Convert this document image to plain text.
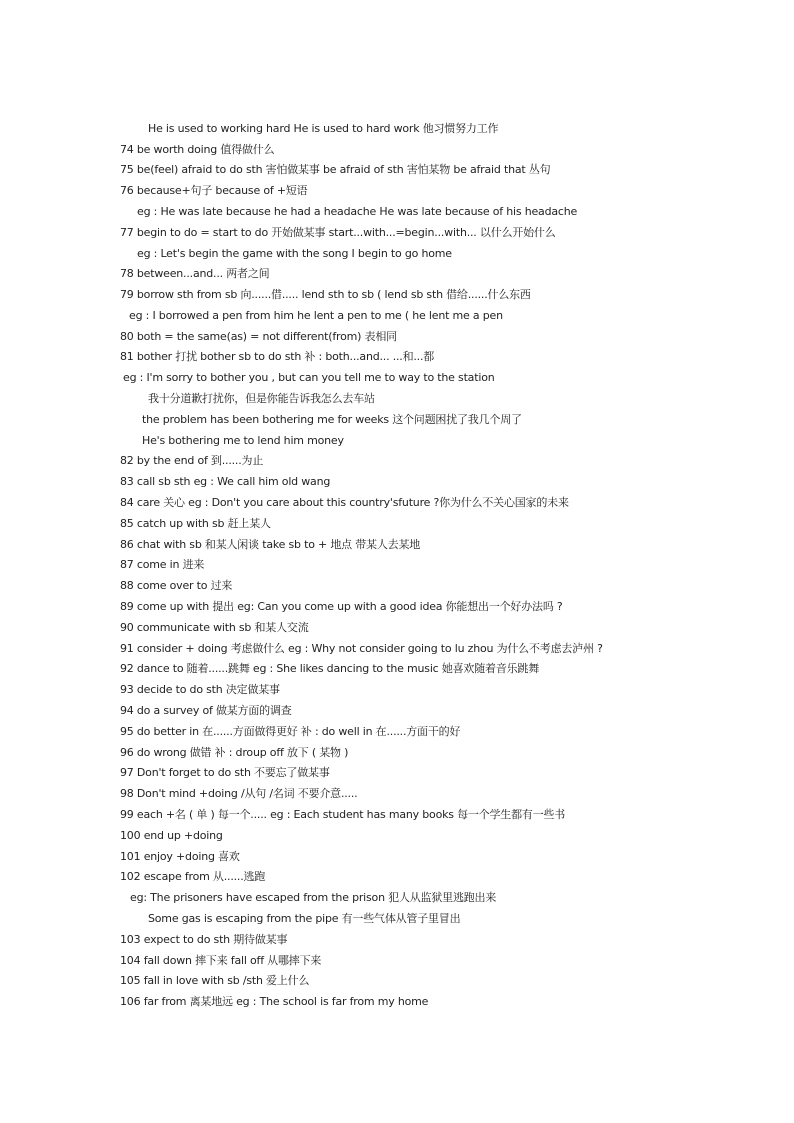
He is used to working hard He is used to hard work 他习惯努力工作
74 be worth doing 值得做什么
75 be(feel) afraid to do sth 害怕做某事 be afraid of sth 害怕某物 be afraid that 丛句
76 because+句子 because of +短语
eg : He was late because he had a headache He was late because of his headache
77 begin to do = start to do 开始做某事 start...with...=begin...with... 以什么开始什么
eg : Let's begin the game with the song I begin to go home
78 between...and... 两者之间
79 borrow sth from sb 向......借..... lend sth to sb ( lend sb sth 借给......什么东西
eg : I borrowed a pen from him he lent a pen to me ( he lent me a pen
80 both = the same(as) = not different(from) 表相同
81 bother 打扰 bother sb to do sth 补 : both...and... ...和...都
eg : I'm sorry to bother you , but can you tell me to way to the station
我十分道歉打扰你，但是你能告诉我怎么去车站
the problem has been bothering me for weeks 这个问题困扰了我几个周了
He's bothering me to lend him money
82 by the end of 到......为止
83 call sb sth eg : We call him old wang
84 care 关心 eg : Don't you care about this country'sfuture ?你为什么不关心国家的未来
85 catch up with sb 赶上某人
86 chat with sb 和某人闲谈 take sb to + 地点 带某人去某地
87 come in 进来
88 come over to 过来
89 come up with 提出 eg: Can you come up with a good idea 你能想出一个好办法吗 ?
90 communicate with sb 和某人交流
91 consider + doing 考虑做什么 eg : Why not consider going to lu zhou 为什么不考虑去泸州 ?
92 dance to 随着......跳舞 eg : She likes dancing to the music 她喜欢随着音乐跳舞
93 decide to do sth 决定做某事
94 do a survey of 做某方面的调查
95 do better in 在......方面做得更好 补 : do well in 在......方面干的好
96 do wrong 做错 补 : droup off 放下 ( 某物 )
97 Don't forget to do sth 不要忘了做某事
98 Don't mind +doing /从句 /名词 不要介意.....
99 each +名 ( 单 ) 每一个..... eg : Each student has many books 每一个学生都有一些书
100 end up +doing
101 enjoy +doing 喜欢
102 escape from 从......逃跑
eg: The prisoners have escaped from the prison 犯人从监狱里逃跑出来
Some gas is escaping from the pipe 有一些气体从管子里冒出
103 expect to do sth 期待做某事
104 fall down 摔下来 fall off 从哪摔下来
105 fall in love with sb /sth 爱上什么
106 far from 离某地远 eg : The school is far from my home
